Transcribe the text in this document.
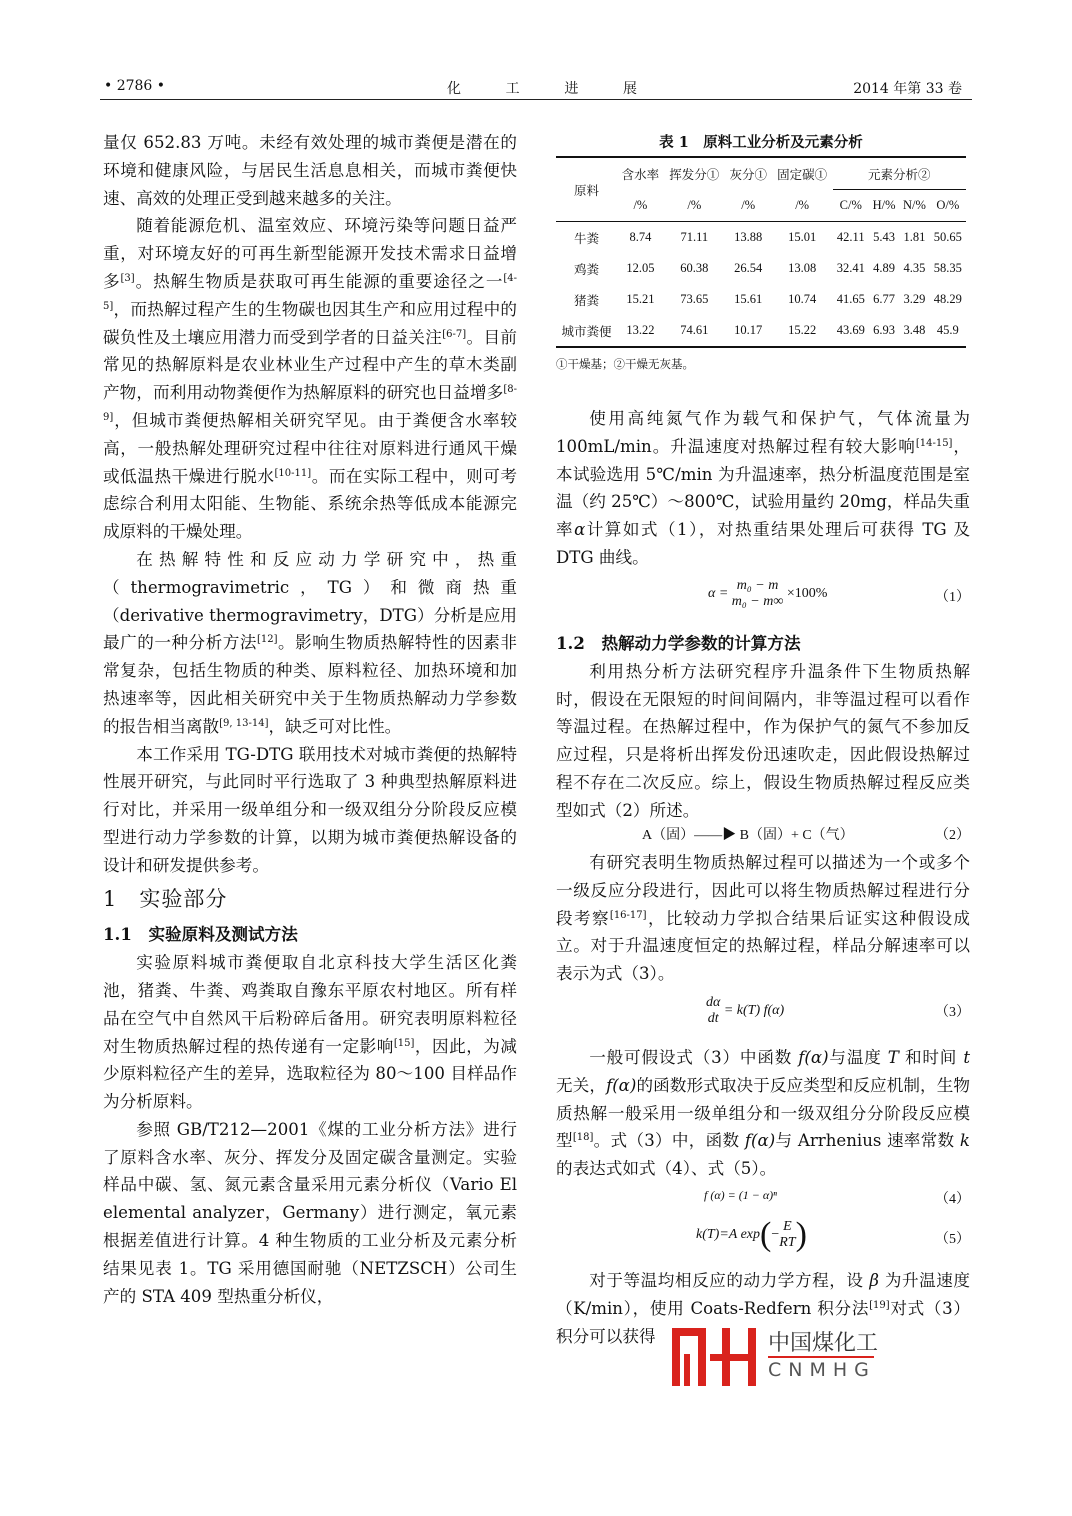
• 2786 •	化	工	进	展	2014 年第 33 卷
量仅 652.83 万吨。未经有效处理的城市粪便是潜在的环境和健康风险，与居民生活息息相关，而城市粪便快速、高效的处理正受到越来越多的关注。
随着能源危机、温室效应、环境污染等问题日益严重，对环境友好的可再生新型能源开发技术需求日益增多[3]。热解生物质是获取可再生能源的重要途径之一[4-5]，而热解过程产生的生物碳也因其生产和应用过程中的碳负性及土壤应用潜力而受到学者的日益关注[6-7]。目前常见的热解原料是农业林业生产过程中产生的草木类副产物，而利用动物粪便作为热解原料的研究也日益增多[8-9]，但城市粪便热解相关研究罕见。由于粪便含水率较高，一般热解处理研究过程中往往对原料进行通风干燥或低温热干燥进行脱水[10-11]。而在实际工程中，则可考虑综合利用太阳能、生物能、系统余热等低成本能源完成原料的干燥处理。
在热解特性和反应动力学研究中，热重（thermogravimetric，TG）和微商热重（derivative thermogravimetry，DTG）分析是应用最广的一种分析方法[12]。影响生物质热解特性的因素非常复杂，包括生物质的种类、原料粒径、加热环境和加热速率等，因此相关研究中关于生物质热解动力学参数的报告相当离散[9, 13-14]，缺乏可对比性。
本工作采用 TG-DTG 联用技术对城市粪便的热解特性展开研究，与此同时平行选取了 3 种典型热解原料进行对比，并采用一级单组分和一级双组分分阶段反应模型进行动力学参数的计算，以期为城市粪便热解设备的设计和研发提供参考。
1　实验部分
1.1　实验原料及测试方法
实验原料城市粪便取自北京科技大学生活区化粪池，猪粪、牛粪、鸡粪取自豫东平原农村地区。所有样品在空气中自然风干后粉碎后备用。研究表明原料粒径对生物质热解过程的热传递有一定影响[15]，因此，为减少原料粒径产生的差异，选取粒径为 80～100 目样品作为分析原料。
参照 GB/T212—2001《煤的工业分析方法》进行了原料含水率、灰分、挥发分及固定碳含量测定。实验样品中碳、氢、氮元素含量采用元素分析仪（Vario El elemental analyzer，Germany）进行测定，氧元素根据差值进行计算。4 种生物质的工业分析及元素分析结果见表 1。TG 采用德国耐驰（NETZSCH）公司生产的 STA 409 型热重分析仪，
表 1　原料工业分析及元素分析
原料	含水率	挥发分①	灰分①	固定碳①	元素分析②			
	/%	/%	/%	/%	C/%	H/%	N/%	O/%
牛粪	8.74	71.11	13.88	15.01	42.11	5.43	1.81	50.65
鸡粪	12.05	60.38	26.54	13.08	32.41	4.89	4.35	58.35
猪粪	15.21	73.65	15.61	10.74	41.65	6.77	3.29	48.29
城市粪便	13.22	74.61	10.17	15.22	43.69	6.93	3.48	45.9
①干燥基；②干燥无灰基。
使用高纯氮气作为载气和保护气，气体流量为 100mL/min。升温速度对热解过程有较大影响[14-15]，本试验选用 5℃/min 为升温速率，热分析温度范围是室温（约 25℃）～800℃，试验用量约 20mg，样品失重率α计算如式（1），对热重结果处理后可获得 TG 及 DTG 曲线。
α =
m₀ − m
m₀ − m∞
×100%	（1）
1.2　热解动力学参数的计算方法
利用热分析方法研究程序升温条件下生物质热解时，假设在无限短的时间间隔内，非等温过程可以看作等温过程。在热解过程中，作为保护气的氮气不参加反应过程，只是将析出挥发份迅速吹走，因此假设热解过程不存在二次反应。综上，假设生物质热解过程反应类型如式（2）所述。
A（固）——▶ B（固）+ C（气）	（2）
有研究表明生物质热解过程可以描述为一个或多个一级反应分段进行，因此可以将生物质热解过程进行分段考察[16-17]，比较动力学拟合结果后证实这种假设成立。对于升温速度恒定的热解过程，样品分解速率可以表示为式（3）。
dα
dt
= k(T) f(α)	（3）
一般可假设式（3）中函数 f(α)与温度 T 和时间 t 无关，f(α)的函数形式取决于反应类型和反应机制，生物质热解一般采用一级单组分和一级双组分分阶段反应模型[18]。式（3）中，函数 f(α)与 Arrhenius 速率常数 k 的表达式如式（4）、式（5）。
f (α) = (1 − α)ⁿ	（4）
k(T)=A exp ( −
E
RT )	（5）
对于等温均相反应的动力学方程，设 β 为升温速度（K/min），使用 Coats-Redfern 积分法[19]对式（3）积分可以获得	中国煤化工
CNMHG
